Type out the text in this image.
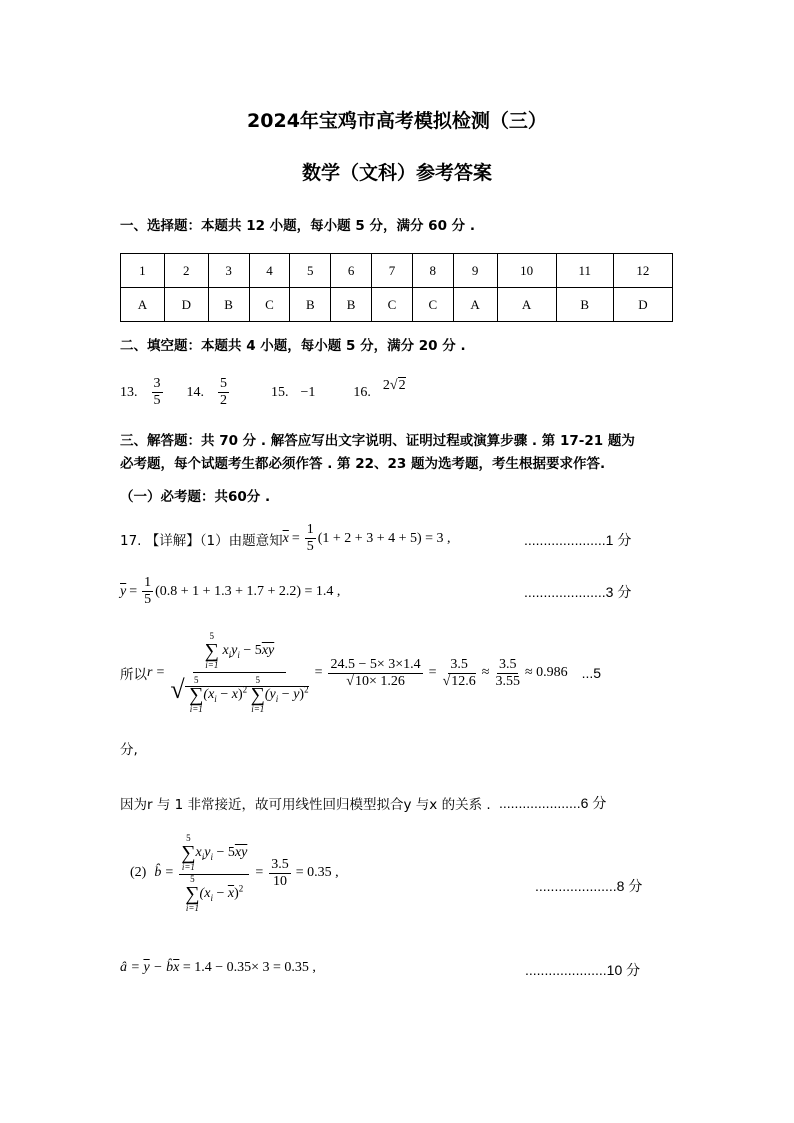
2024年宝鸡市高考模拟检测（三）
数学（文科）参考答案
一、选择题：本题共 12 小题，每小题 5 分，满分 60 分 .
1	2	3	4	5	6	7	8	9	10	11	12
A	D	B	C	B	B	C	C	A	A	B	D
二、填空题：本题共 4 小题，每小题 5 分，满分 20 分 .
13. $\frac{3}{5} 14$. $\frac{5}{2}$	15. −1	16. 2√2
三、解答题：共 70 分 . 解答应写出文字说明、证明过程或演算步骤 . 第 17-21 题为
必考题，每个试题考生都必须作答 . 第 22、23 题为选考题，考生根据要求作答.
（一）必考题：共60分 .
17. 【详解】（1）由题意知 $\overline{x} = \frac{1}{5} (1 + 2 + 3 + 4 + 5) = 3$ ,	.....................1 分
$\overline{y} = \frac{1}{5} (0.8 + 1 + 1.3 + 1.7 + 2.2) = 1.4$ ,	.....................3 分
所以 r = 5
∑
i=1
$x_iy_i - 5\overline{xy}$
√ 5
∑
i=1
$(x_i - \overline{x})^2$
5
∑
i=1
$(y_i - \overline{y})^2 = \frac{24.5 - 5\times 3\times 1.4}{√10\times 1.26} = \frac{3.5}{√12.6} \approx \frac{3.5}{3.55} \approx 0.986$ ...5
分,
因为r 与 1 非常接近，故可用线性回归模型拟合y 与x 的关系 . .....................6 分
(2) b̂ = 5
∑
i=1
$x_iy_i - 5\overline{xy}$
5
∑
i=1
$(x_i - \overline{x})^2 = \frac{3.5}{10} = 0.35$ ,
.....................8 分
â = $\overline{y}$ − $b̂\overline{x} = 1.4 - 0.35\times 3 = 0.35$ ,	.....................10 分
